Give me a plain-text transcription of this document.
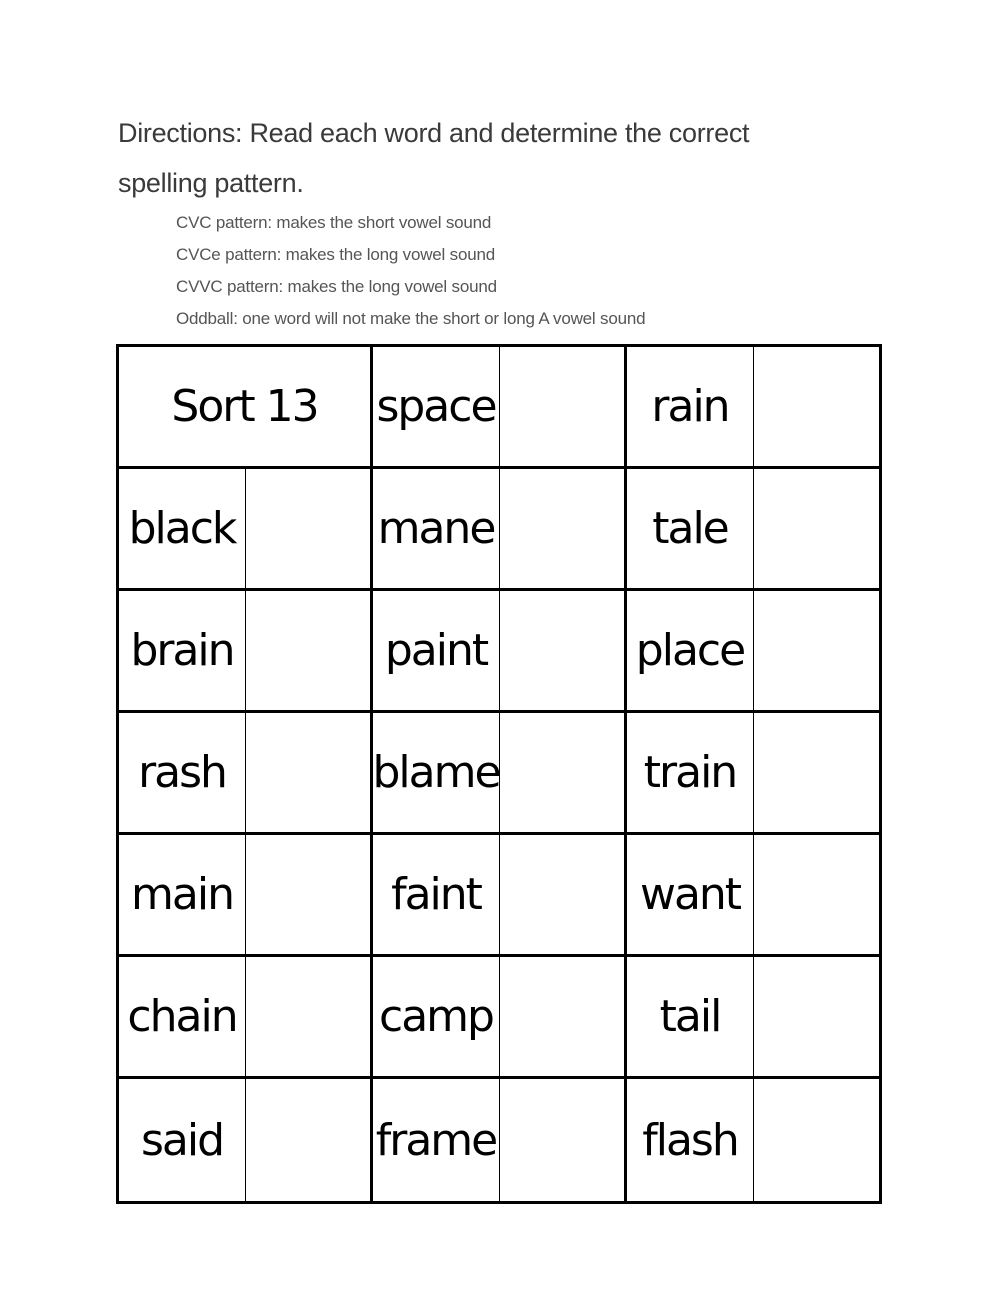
Directions: Read each word and determine the correct spelling pattern.
CVC pattern: makes the short vowel sound
CVCe pattern: makes the long vowel sound
CVVC pattern: makes the long vowel sound
Oddball: one word will not make the short or long A vowel sound
Sort 13	space	rain
black	mane	tale
brain	paint	place
rash	blame	train
main	faint	want
chain	camp	tail
said	frame	flash
